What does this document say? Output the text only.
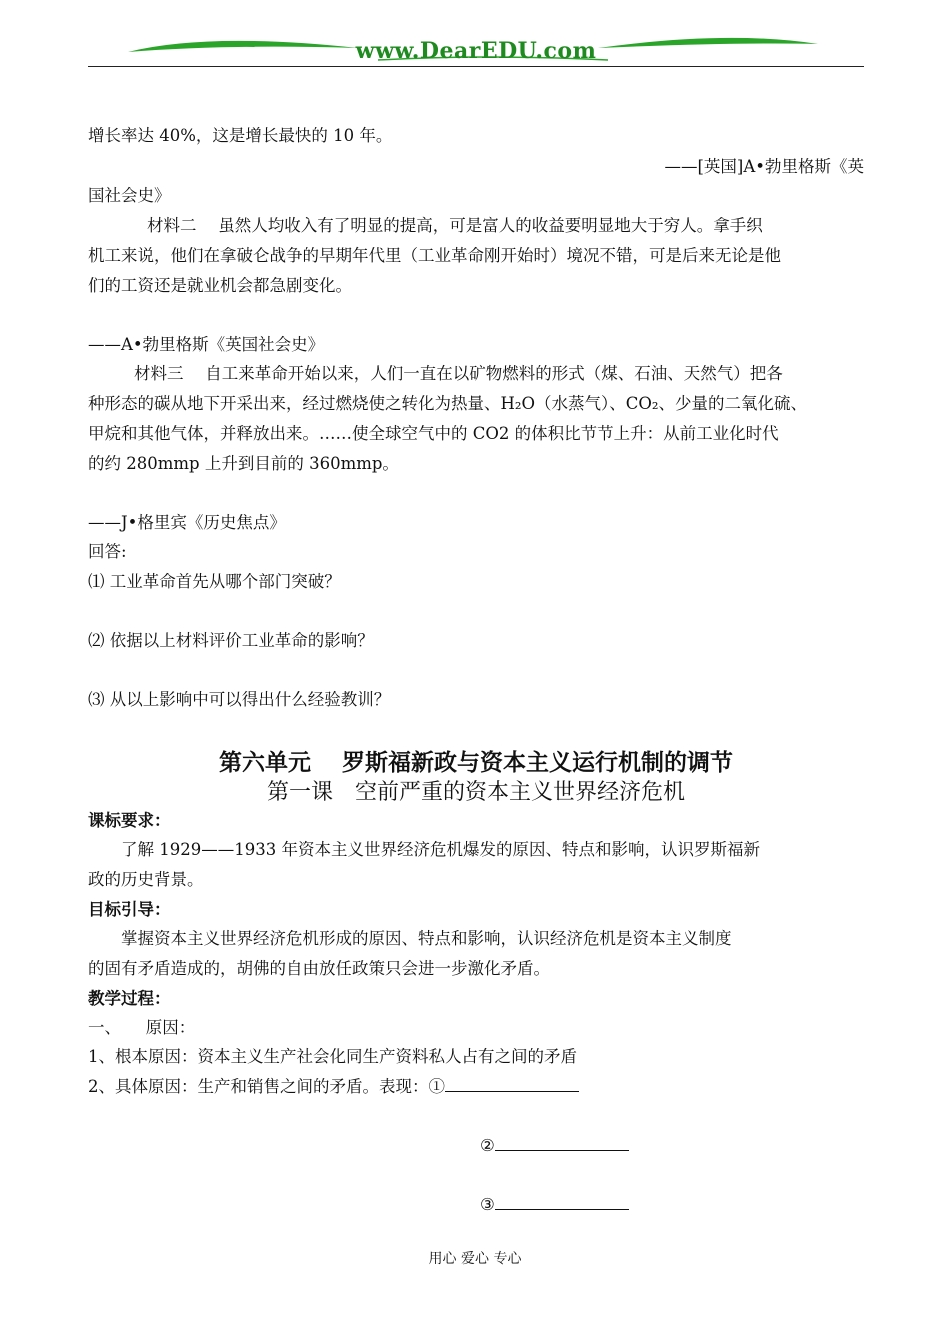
www.DearEDU.com
增长率达 40%，这是增长最快的 10 年。
——[英国]A•勃里格斯《英
国社会史》
材料二　 虽然人均收入有了明显的提高，可是富人的收益要明显地大于穷人。拿手织
机工来说，他们在拿破仑战争的早期年代里（工业革命刚开始时）境况不错，可是后来无论是他
们的工资还是就业机会都急剧变化。
——A•勃里格斯《英国社会史》
材料三　 自工来革命开始以来，人们一直在以矿物燃料的形式（煤、石油、天然气）把各
种形态的碳从地下开采出来，经过燃烧使之转化为热量、H₂O（水蒸气）、CO₂、少量的二氧化硫、
甲烷和其他气体，并释放出来。……使全球空气中的 CO2 的体积比节节上升：从前工业化时代
的约 280mmp 上升到目前的 360mmp。
——J•格里宾《历史焦点》
回答:
⑴ 工业革命首先从哪个部门突破？
⑵ 依据以上材料评价工业革命的影响？
⑶ 从以上影响中可以得出什么经验教训？
第六单元　 罗斯福新政与资本主义运行机制的调节
第一课　空前严重的资本主义世界经济危机
课标要求：
了解 1929——1933 年资本主义世界经济危机爆发的原因、特点和影响，认识罗斯福新
政的历史背景。
目标引导：
掌握资本主义世界经济危机形成的原因、特点和影响，认识经济危机是资本主义制度
的固有矛盾造成的，胡佛的自由放任政策只会进一步激化矛盾。
教学过程：
一、　　原因：
1、根本原因：资本主义生产社会化同生产资料私人占有之间的矛盾
2、具体原因：生产和销售之间的矛盾。表现：①
②
③
用心 爱心 专心
